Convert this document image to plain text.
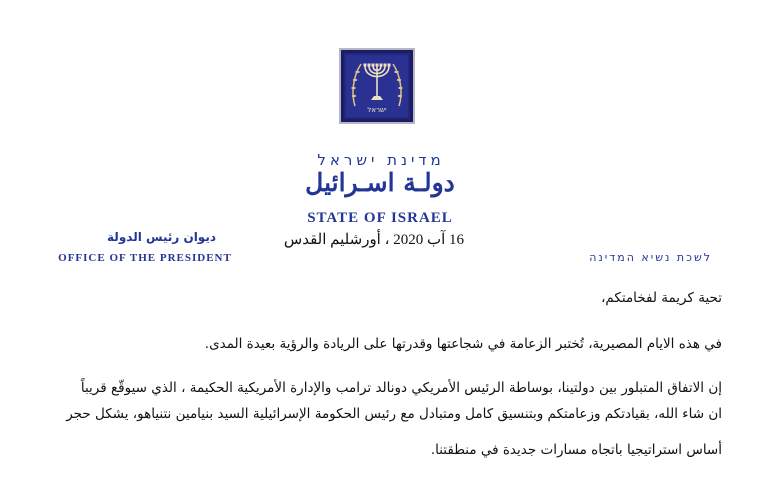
ישראל
מדינת ישראל
دولـة اسـرائيل
STATE OF ISRAEL
16 آب 2020 ، أورشليم القدس
ديوان رئيس الدولة
OFFICE OF THE PRESIDENT	לשכת נשיא המדינה
تحية كريمة لفخامتكم،
في هذه الايام المصيرية، تُختبر الزعامة في شجاعتها وقدرتها على الريادة والرؤية بعيدة المدى.
إن الاتفاق المتبلور بين دولتينا، بوساطة الرئيس الأمريكي دونالد ترامب والإدارة الأمريكية الحكيمة ، الذي سيوقّع قريباً
ان شاء الله، بقيادتكم وزعامتكم وبتنسيق كامل ومتبادل مع رئيس الحكومة الإسرائيلية السيد بنيامين نتنياهو، يشكل حجر
أساس استراتيجيا باتجاه مسارات جديدة في منطقتنا.
